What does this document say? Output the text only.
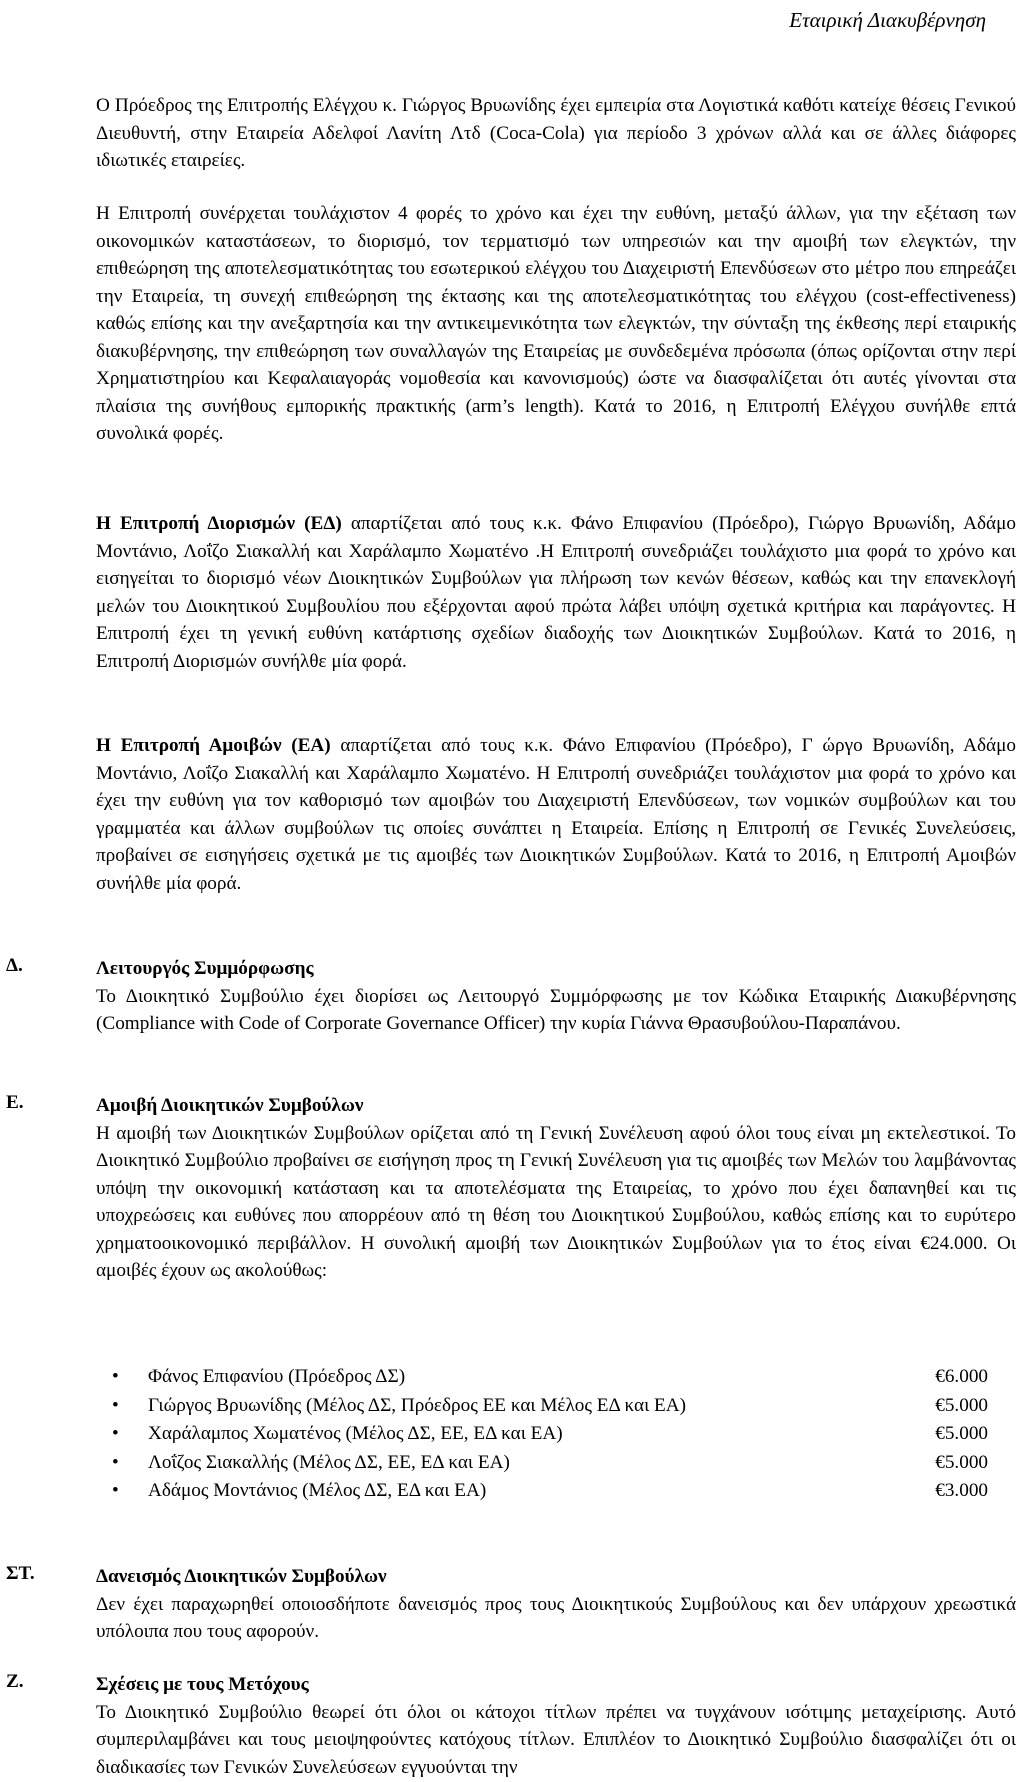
Εταιρική Διακυβέρνηση

Ο Πρόεδρος της Επιτροπής Ελέγχου κ. Γιώργος Βρυωνίδης έχει εμπειρία στα Λογιστικά καθότι κατείχε θέσεις Γενικού Διευθυντή, στην Εταιρεία Αδελφοί Λανίτη Λτδ (Coca-Cola) για περίοδο 3 χρόνων αλλά και σε άλλες διάφορες ιδιωτικές εταιρείες.

Η Επιτροπή συνέρχεται τουλάχιστον 4 φορές το χρόνο και έχει την ευθύνη, μεταξύ άλλων, για την εξέταση των οικονομικών καταστάσεων, το διορισμό, τον τερματισμό των υπηρεσιών και την αμοιβή των ελεγκτών, την επιθεώρηση της αποτελεσματικότητας του εσωτερικού ελέγχου του Διαχειριστή Επενδύσεων στο μέτρο που επηρεάζει την Εταιρεία, τη συνεχή επιθεώρηση της έκτασης και της αποτελεσματικότητας του ελέγχου (cost-effectiveness) καθώς επίσης και την ανεξαρτησία και την αντικειμενικότητα των ελεγκτών, την σύνταξη της έκθεσης περί εταιρικής διακυβέρνησης, την επιθεώρηση των συναλλαγών της Εταιρείας με συνδεδεμένα πρόσωπα (όπως ορίζονται στην περί Χρηματιστηρίου και Κεφαλαιαγοράς νομοθεσία και κανονισμούς) ώστε να διασφαλίζεται ότι αυτές γίνονται στα πλαίσια της συνήθους εμπορικής πρακτικής (arm’s length). Κατά το 2016, η Επιτροπή Ελέγχου συνήλθε επτά συνολικά φορές.

Η Επιτροπή Διορισμών (ΕΔ) απαρτίζεται από τους κ.κ. Φάνο Επιφανίου (Πρόεδρο), Γιώργο Βρυωνίδη, Αδάμο Μοντάνιο, Λοΐζο Σιακαλλή και Χαράλαμπο Χωματένο .Η Επιτροπή συνεδριάζει τουλάχιστο μια φορά το χρόνο και εισηγείται το διορισμό νέων Διοικητικών Συμβούλων για πλήρωση των κενών θέσεων, καθώς και την επανεκλογή μελών του Διοικητικού Συμβουλίου που εξέρχονται αφού πρώτα λάβει υπόψη σχετικά κριτήρια και παράγοντες. Η Επιτροπή έχει τη γενική ευθύνη κατάρτισης σχεδίων διαδοχής των Διοικητικών Συμβούλων. Κατά το 2016, η Επιτροπή Διορισμών συνήλθε μία φορά.

Η Επιτροπή Αμοιβών (ΕΑ) απαρτίζεται από τους κ.κ. Φάνο Επιφανίου (Πρόεδρο), Γ ώργο Βρυωνίδη, Αδάμο Μοντάνιο, Λοΐζο Σιακαλλή και Χαράλαμπο Χωματένο. Η Επιτροπή συνεδριάζει τουλάχιστον μια φορά το χρόνο και έχει την ευθύνη για τον καθορισμό των αμοιβών του Διαχειριστή Επενδύσεων, των νομικών συμβούλων και του γραμματέα και άλλων συμβούλων τις οποίες συνάπτει η Εταιρεία. Επίσης η Επιτροπή σε Γενικές Συνελεύσεις, προβαίνει σε εισηγήσεις σχετικά με τις αμοιβές των Διοικητικών Συμβούλων. Κατά το 2016, η Επιτροπή Αμοιβών συνήλθε μία φορά.

Δ.	Λειτουργός Συμμόρφωσης

Το Διοικητικό Συμβούλιο έχει διορίσει ως Λειτουργό Συμμόρφωσης με τον Κώδικα Εταιρικής Διακυβέρνησης (Compliance with Code of Corporate Governance Officer) την κυρία Γιάννα Θρασυβούλου-Παραπάνου.

Ε.	Αμοιβή Διοικητικών Συμβούλων

Η αμοιβή των Διοικητικών Συμβούλων ορίζεται από τη Γενική Συνέλευση αφού όλοι τους είναι μη εκτελεστικοί. Το Διοικητικό Συμβούλιο προβαίνει σε εισήγηση προς τη Γενική Συνέλευση για τις αμοιβές των Μελών του λαμβάνοντας υπόψη την οικονομική κατάσταση και τα αποτελέσματα της Εταιρείας, το χρόνο που έχει δαπανηθεί και τις υποχρεώσεις και ευθύνες που απορρέουν από τη θέση του Διοικητικού Συμβούλου, καθώς επίσης και το ευρύτερο χρηματοοικονομικό περιβάλλον. Η συνολική αμοιβή των Διοικητικών Συμβούλων για το έτος είναι €24.000. Οι αμοιβές έχουν ως ακολούθως:

• Φάνος Επιφανίου (Πρόεδρος ΔΣ)	€6.000
• Γιώργος Βρυωνίδης (Μέλος ΔΣ, Πρόεδρος ΕΕ και Μέλος ΕΔ και ΕΑ)	€5.000
• Χαράλαμπος Χωματένος (Μέλος ΔΣ, ΕΕ, ΕΔ και ΕΑ)	€5.000
• Λοΐζος Σιακαλλής (Μέλος ΔΣ, ΕΕ, ΕΔ και ΕΑ)	€5.000
• Αδάμος Μοντάνιος (Μέλος ΔΣ, ΕΔ και ΕΑ)	€3.000
ΣΤ.	Δανεισμός Διοικητικών Συμβούλων

Δεν έχει παραχωρηθεί οποιοσδήποτε δανεισμός προς τους Διοικητικούς Συμβούλους και δεν υπάρχουν χρεωστικά υπόλοιπα που τους αφορούν.

Ζ.	Σχέσεις με τους Μετόχους

Το Διοικητικό Συμβούλιο θεωρεί ότι όλοι οι κάτοχοι τίτλων πρέπει να τυγχάνουν ισότιμης μεταχείρισης. Αυτό συμπεριλαμβάνει και τους μειοψηφούντες κατόχους τίτλων. Επιπλέον το Διοικητικό Συμβούλιο διασφαλίζει ότι οι διαδικασίες των Γενικών Συνελεύσεων εγγυούνται την
